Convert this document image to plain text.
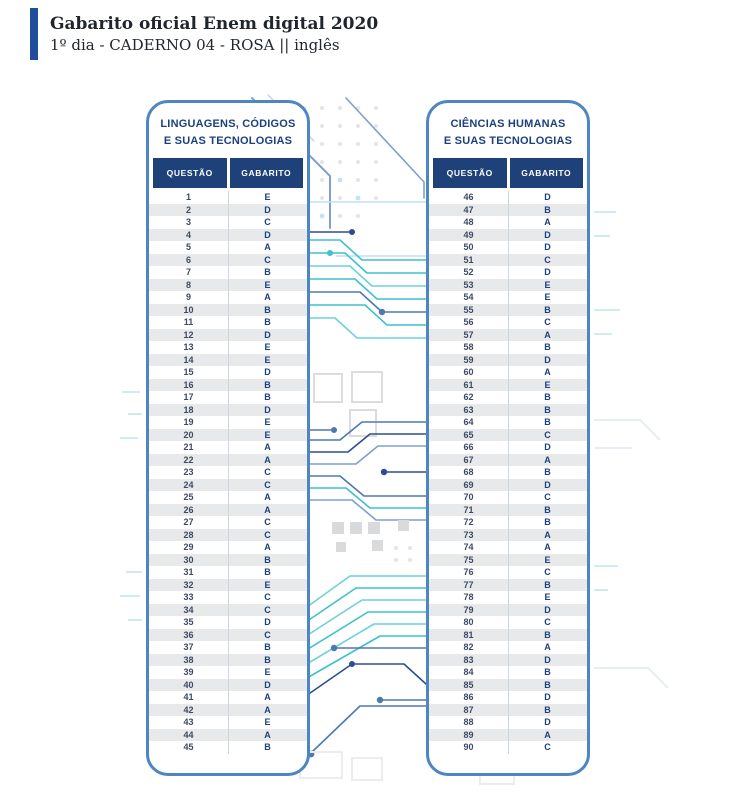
Gabarito oficial Enem digital 2020
1º dia - CADERNO 04 - ROSA || inglês
LINGUAGENS, CÓDIGOS
E SUAS TECNOLOGIAS
QUESTÃO	GABARITO
1	E
2	D
3	C
4	D
5	A
6	C
7	B
8	E
9	A
10	B
11	B
12	D
13	E
14	E
15	D
16	B
17	B
18	D
19	E
20	E
21	A
22	A
23	C
24	C
25	A
26	A
27	C
28	C
29	A
30	B
31	B
32	E
33	C
34	C
35	D
36	C
37	B
38	B
39	E
40	D
41	A
42	A
43	E
44	A
45	B
CIÊNCIAS HUMANAS
E SUAS TECNOLOGIAS
QUESTÃO	GABARITO
46	D
47	B
48	A
49	D
50	D
51	C
52	D
53	E
54	E
55	B
56	C
57	A
58	B
59	D
60	A
61	E
62	B
63	B
64	B
65	C
66	D
67	A
68	B
69	D
70	C
71	B
72	B
73	A
74	A
75	E
76	C
77	B
78	E
79	D
80	C
81	B
82	A
83	D
84	B
85	B
86	D
87	B
88	D
89	A
90	C
